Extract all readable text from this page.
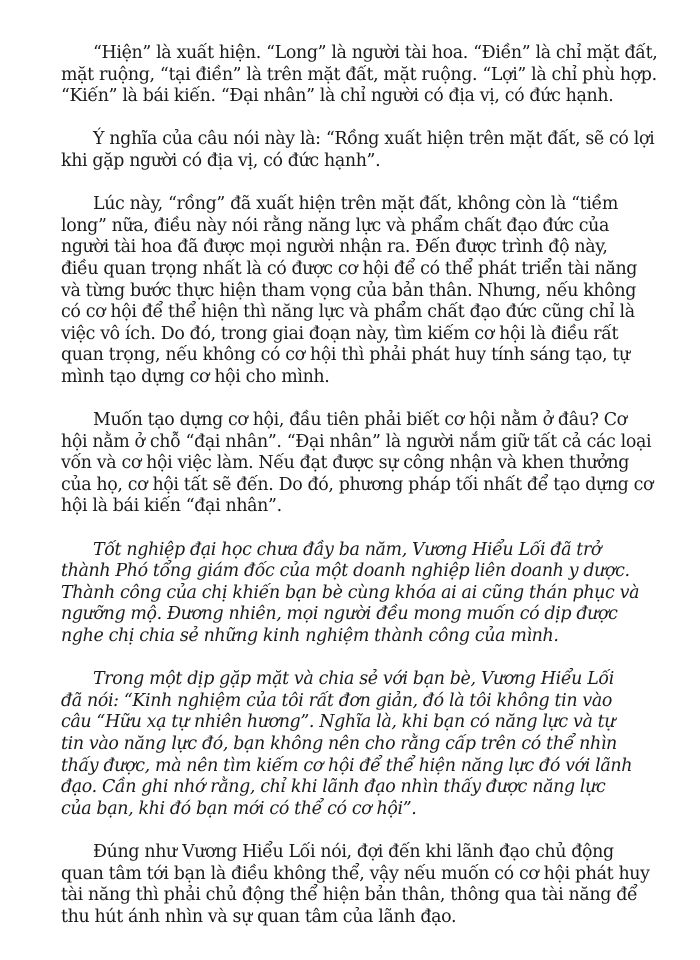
“Hiện” là xuất hiện. “Long” là người tài hoa. “Điền” là chỉ mặt đất,
mặt ruộng, “tại điền” là trên mặt đất, mặt ruộng. “Lợi” là chỉ phù hợp.
“Kiến” là bái kiến. “Đại nhân” là chỉ người có địa vị, có đức hạnh.

Ý nghĩa của câu nói này là: “Rồng xuất hiện trên mặt đất, sẽ có lợi
khi gặp người có địa vị, có đức hạnh”.

Lúc này, “rồng” đã xuất hiện trên mặt đất, không còn là “tiềm
long” nữa, điều này nói rằng năng lực và phẩm chất đạo đức của
người tài hoa đã được mọi người nhận ra. Đến được trình độ này,
điều quan trọng nhất là có được cơ hội để có thể phát triển tài năng
và từng bước thực hiện tham vọng của bản thân. Nhưng, nếu không
có cơ hội để thể hiện thì năng lực và phẩm chất đạo đức cũng chỉ là
việc vô ích. Do đó, trong giai đoạn này, tìm kiếm cơ hội là điều rất
quan trọng, nếu không có cơ hội thì phải phát huy tính sáng tạo, tự
mình tạo dựng cơ hội cho mình.

Muốn tạo dựng cơ hội, đầu tiên phải biết cơ hội nằm ở đâu? Cơ
hội nằm ở chỗ “đại nhân”. “Đại nhân” là người nắm giữ tất cả các loại
vốn và cơ hội việc làm. Nếu đạt được sự công nhận và khen thưởng
của họ, cơ hội tất sẽ đến. Do đó, phương pháp tối nhất để tạo dựng cơ
hội là bái kiến “đại nhân”.

Tốt nghiệp đại học chưa đầy ba năm, Vương Hiểu Lối đã trở
thành Phó tổng giám đốc của một doanh nghiệp liên doanh y dược.
Thành công của chị khiến bạn bè cùng khóa ai ai cũng thán phục và
ngưỡng mộ. Đương nhiên, mọi người đều mong muốn có dịp được
nghe chị chia sẻ những kinh nghiệm thành công của mình.

Trong một dịp gặp mặt và chia sẻ với bạn bè, Vương Hiểu Lối
đã nói: “Kinh nghiệm của tôi rất đơn giản, đó là tôi không tin vào
câu “Hữu xạ tự nhiên hương”. Nghĩa là, khi bạn có năng lực và tự
tin vào năng lực đó, bạn không nên cho rằng cấp trên có thể nhìn
thấy được, mà nên tìm kiếm cơ hội để thể hiện năng lực đó với lãnh
đạo. Cần ghi nhớ rằng, chỉ khi lãnh đạo nhìn thấy được năng lực
của bạn, khi đó bạn mới có thể có cơ hội”.

Đúng như Vương Hiểu Lối nói, đợi đến khi lãnh đạo chủ động
quan tâm tới bạn là điều không thể, vậy nếu muốn có cơ hội phát huy
tài năng thì phải chủ động thể hiện bản thân, thông qua tài năng để
thu hút ánh nhìn và sự quan tâm của lãnh đạo.
